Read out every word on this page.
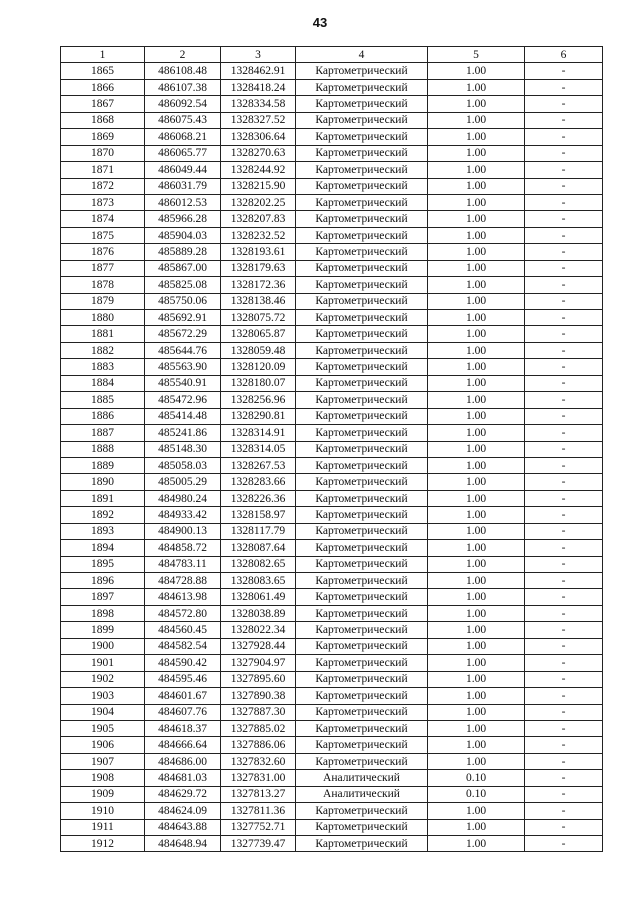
43
1	2	3	4	5	6
1865	486108.48	1328462.91	Картометрический	1.00	-
1866	486107.38	1328418.24	Картометрический	1.00	-
1867	486092.54	1328334.58	Картометрический	1.00	-
1868	486075.43	1328327.52	Картометрический	1.00	-
1869	486068.21	1328306.64	Картометрический	1.00	-
1870	486065.77	1328270.63	Картометрический	1.00	-
1871	486049.44	1328244.92	Картометрический	1.00	-
1872	486031.79	1328215.90	Картометрический	1.00	-
1873	486012.53	1328202.25	Картометрический	1.00	-
1874	485966.28	1328207.83	Картометрический	1.00	-
1875	485904.03	1328232.52	Картометрический	1.00	-
1876	485889.28	1328193.61	Картометрический	1.00	-
1877	485867.00	1328179.63	Картометрический	1.00	-
1878	485825.08	1328172.36	Картометрический	1.00	-
1879	485750.06	1328138.46	Картометрический	1.00	-
1880	485692.91	1328075.72	Картометрический	1.00	-
1881	485672.29	1328065.87	Картометрический	1.00	-
1882	485644.76	1328059.48	Картометрический	1.00	-
1883	485563.90	1328120.09	Картометрический	1.00	-
1884	485540.91	1328180.07	Картометрический	1.00	-
1885	485472.96	1328256.96	Картометрический	1.00	-
1886	485414.48	1328290.81	Картометрический	1.00	-
1887	485241.86	1328314.91	Картометрический	1.00	-
1888	485148.30	1328314.05	Картометрический	1.00	-
1889	485058.03	1328267.53	Картометрический	1.00	-
1890	485005.29	1328283.66	Картометрический	1.00	-
1891	484980.24	1328226.36	Картометрический	1.00	-
1892	484933.42	1328158.97	Картометрический	1.00	-
1893	484900.13	1328117.79	Картометрический	1.00	-
1894	484858.72	1328087.64	Картометрический	1.00	-
1895	484783.11	1328082.65	Картометрический	1.00	-
1896	484728.88	1328083.65	Картометрический	1.00	-
1897	484613.98	1328061.49	Картометрический	1.00	-
1898	484572.80	1328038.89	Картометрический	1.00	-
1899	484560.45	1328022.34	Картометрический	1.00	-
1900	484582.54	1327928.44	Картометрический	1.00	-
1901	484590.42	1327904.97	Картометрический	1.00	-
1902	484595.46	1327895.60	Картометрический	1.00	-
1903	484601.67	1327890.38	Картометрический	1.00	-
1904	484607.76	1327887.30	Картометрический	1.00	-
1905	484618.37	1327885.02	Картометрический	1.00	-
1906	484666.64	1327886.06	Картометрический	1.00	-
1907	484686.00	1327832.60	Картометрический	1.00	-
1908	484681.03	1327831.00	Аналитический	0.10	-
1909	484629.72	1327813.27	Аналитический	0.10	-
1910	484624.09	1327811.36	Картометрический	1.00	-
1911	484643.88	1327752.71	Картометрический	1.00	-
1912	484648.94	1327739.47	Картометрический	1.00	-
